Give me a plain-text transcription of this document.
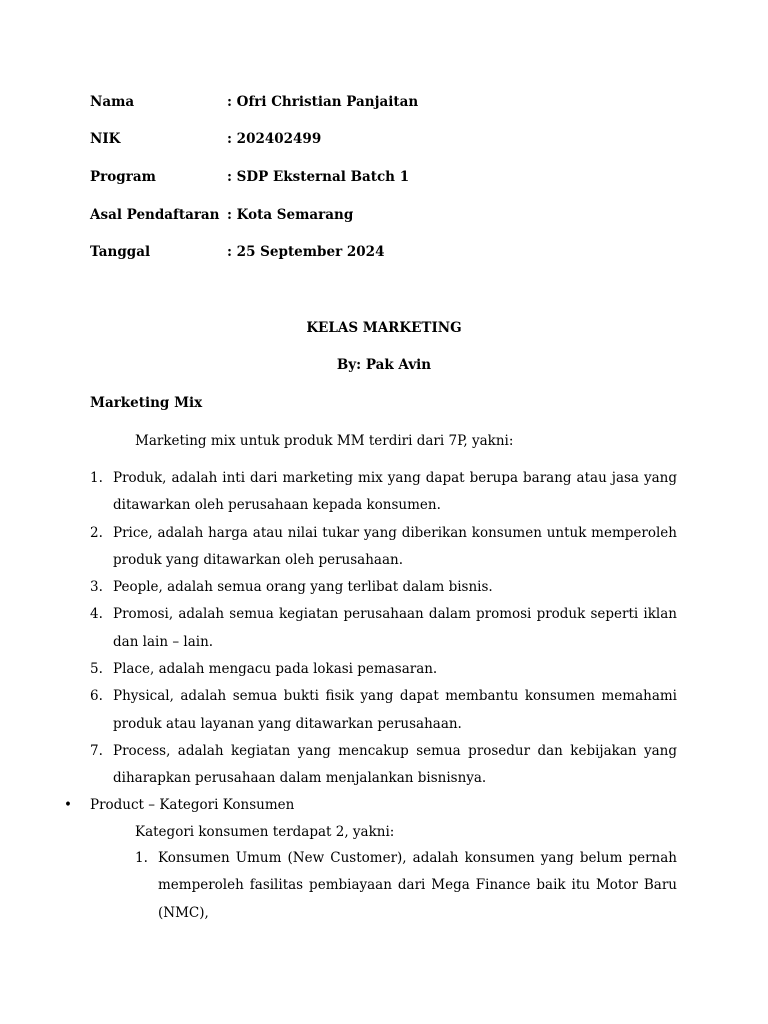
Nama	: Ofri Christian Panjaitan
NIK	: 202402499
Program	: SDP Eksternal Batch 1
Asal Pendaftaran : Kota Semarang
Tanggal	: 25 September 2024
KELAS MARKETING
By: Pak Avin
Marketing Mix
Marketing mix untuk produk MM terdiri dari 7P, yakni:
1. Produk, adalah inti dari marketing mix yang dapat berupa barang atau jasa yang ditawarkan oleh perusahaan kepada konsumen.
2. Price, adalah harga atau nilai tukar yang diberikan konsumen untuk memperoleh produk yang ditawarkan oleh perusahaan.
3. People, adalah semua orang yang terlibat dalam bisnis.
4. Promosi, adalah semua kegiatan perusahaan dalam promosi produk seperti iklan dan lain – lain.
5. Place, adalah mengacu pada lokasi pemasaran.
6. Physical, adalah semua bukti fisik yang dapat membantu konsumen memahami produk atau layanan yang ditawarkan perusahaan.
7. Process, adalah kegiatan yang mencakup semua prosedur dan kebijakan yang diharapkan perusahaan dalam menjalankan bisnisnya.
• Product – Kategori Konsumen
Kategori konsumen terdapat 2, yakni:
1. Konsumen Umum (New Customer), adalah konsumen yang belum pernah memperoleh fasilitas pembiayaan dari Mega Finance baik itu Motor Baru (NMC),
